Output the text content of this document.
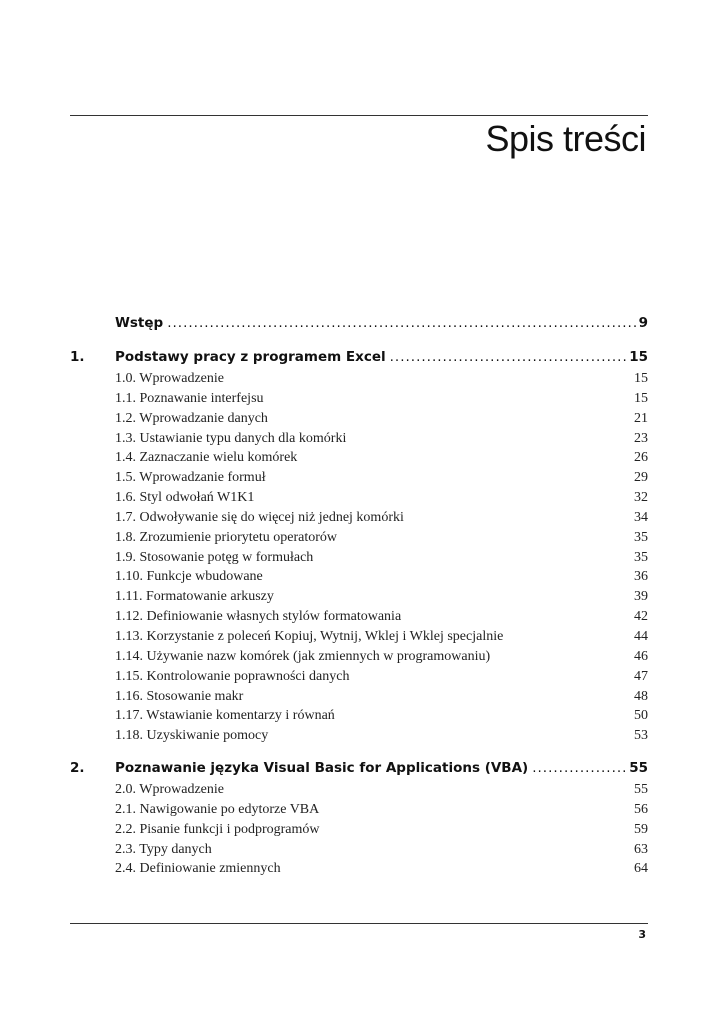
Spis treści
Wstęp .....	9
1.	Podstawy pracy z programem Excel .....	15
1.0. Wprowadzenie	15
1.1. Poznawanie interfejsu	15
1.2. Wprowadzanie danych	21
1.3. Ustawianie typu danych dla komórki	23
1.4. Zaznaczanie wielu komórek	26
1.5. Wprowadzanie formuł	29
1.6. Styl odwołań W1K1	32
1.7. Odwoływanie się do więcej niż jednej komórki	34
1.8. Zrozumienie priorytetu operatorów	35
1.9. Stosowanie potęg w formułach	35
1.10. Funkcje wbudowane	36
1.11. Formatowanie arkuszy	39
1.12. Definiowanie własnych stylów formatowania	42
1.13. Korzystanie z poleceń Kopiuj, Wytnij, Wklej i Wklej specjalnie	44
1.14. Używanie nazw komórek (jak zmiennych w programowaniu)	46
1.15. Kontrolowanie poprawności danych	47
1.16. Stosowanie makr	48
1.17. Wstawianie komentarzy i równań	50
1.18. Uzyskiwanie pomocy	53
2.	Poznawanie języka Visual Basic for Applications (VBA) .....	55
2.0. Wprowadzenie	55
2.1. Nawigowanie po edytorze VBA	56
2.2. Pisanie funkcji i podprogramów	59
2.3. Typy danych	63
2.4. Definiowanie zmiennych	64
3
